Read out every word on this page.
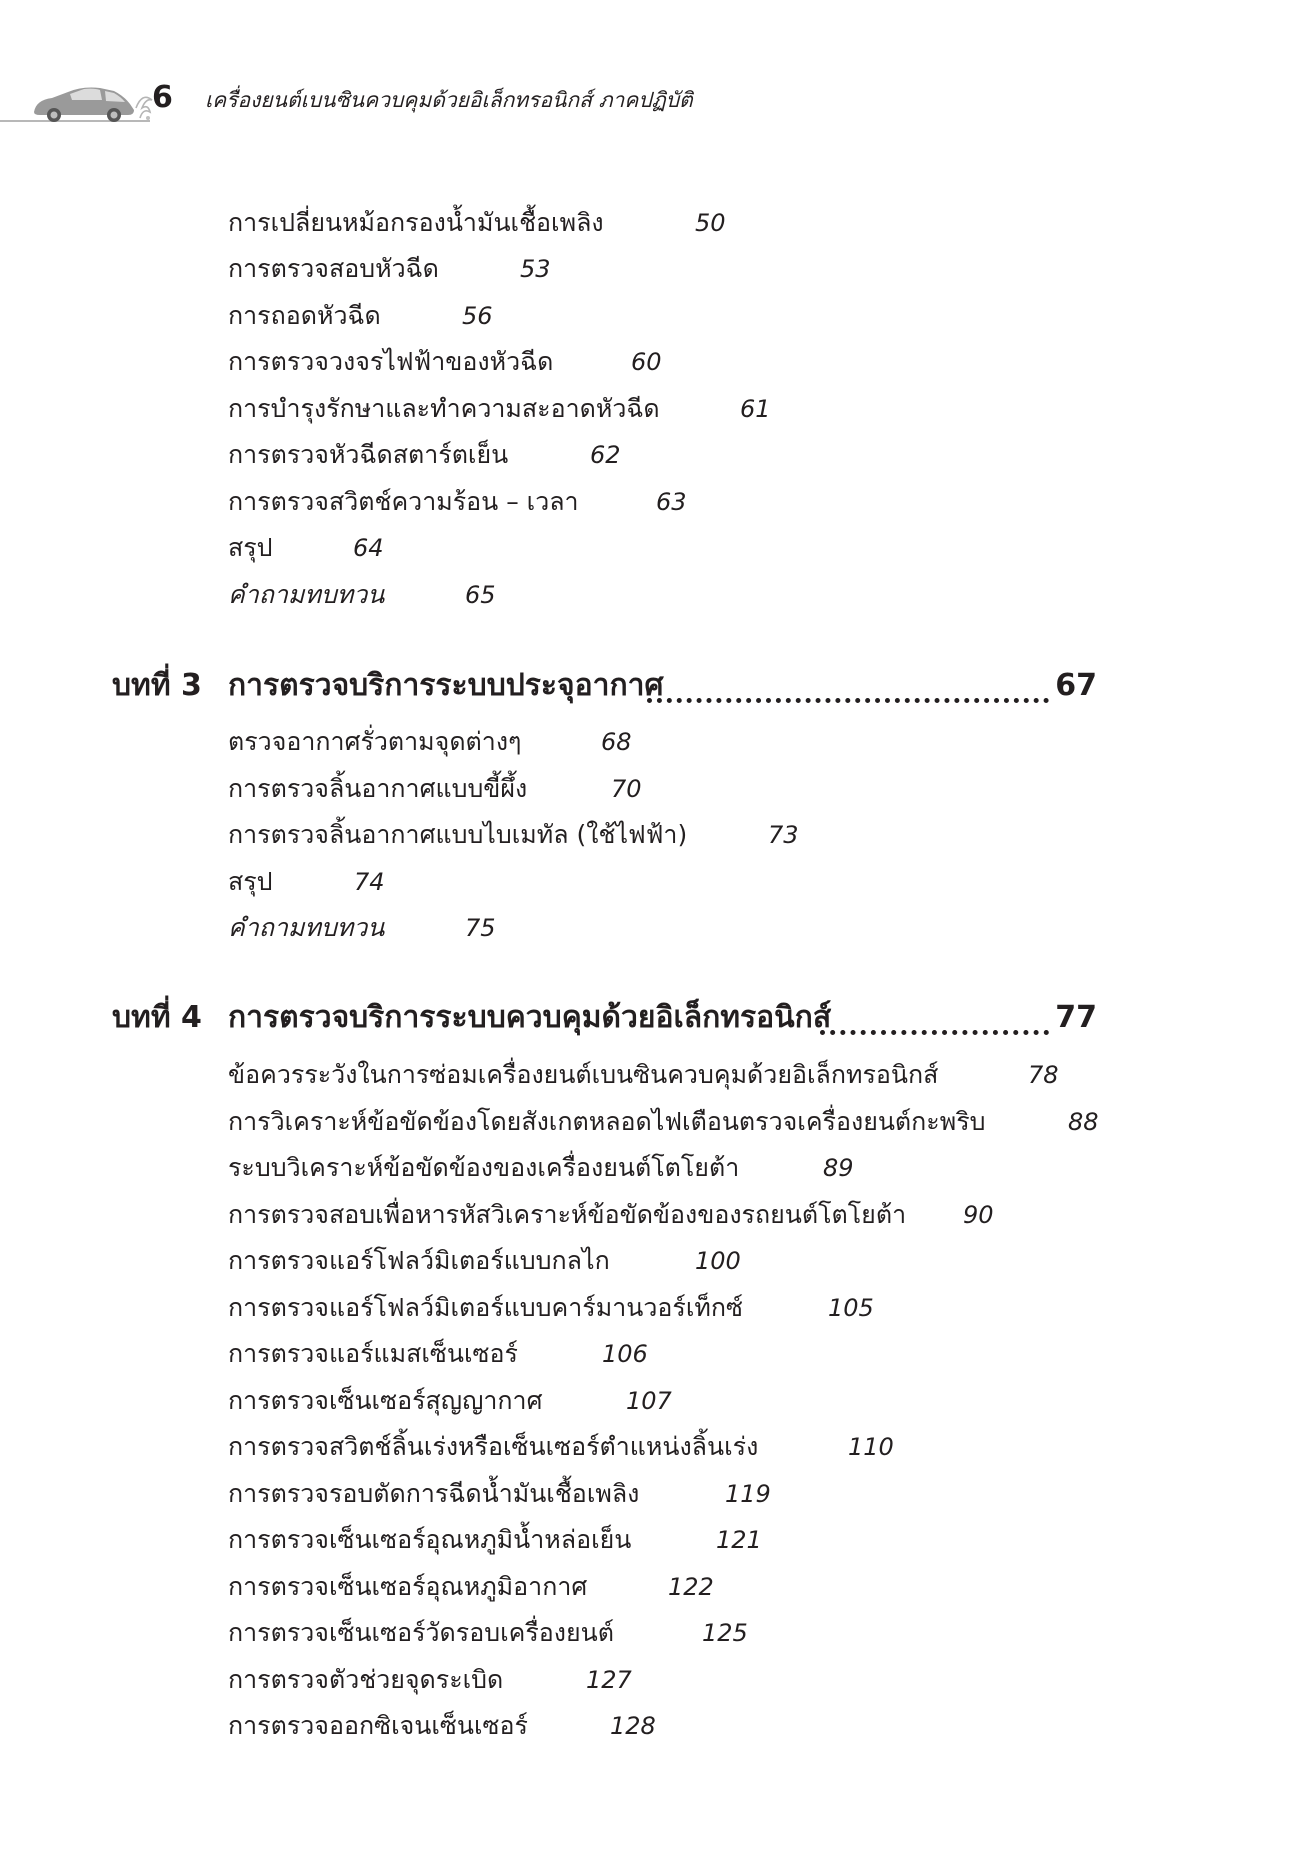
6 เครื่องยนต์เบนซินควบคุมด้วยอิเล็กทรอนิกส์ ภาคปฏิบัติ
การเปลี่ยนหม้อกรองน้ำมันเชื้อเพลิง	50
การตรวจสอบหัวฉีด	53
การถอดหัวฉีด	56
การตรวจวงจรไฟฟ้าของหัวฉีด	60
การบำรุงรักษาและทำความสะอาดหัวฉีด	61
การตรวจหัวฉีดสตาร์ตเย็น	62
การตรวจสวิตช์ความร้อน – เวลา	63
สรุป	64
คำถามทบทวน	65
บทที่ 3 การตรวจบริการระบบประจุอากาศ	67
ตรวจอากาศรั่วตามจุดต่างๆ	68
การตรวจลิ้นอากาศแบบขี้ผึ้ง	70
การตรวจลิ้นอากาศแบบไบเมทัล (ใช้ไฟฟ้า)	73
สรุป	74
คำถามทบทวน	75
บทที่ 4 การตรวจบริการระบบควบคุมด้วยอิเล็กทรอนิกส์	77
ข้อควรระวังในการซ่อมเครื่องยนต์เบนซินควบคุมด้วยอิเล็กทรอนิกส์	78
การวิเคราะห์ข้อขัดข้องโดยสังเกตหลอดไฟเตือนตรวจเครื่องยนต์กะพริบ	88
ระบบวิเคราะห์ข้อขัดข้องของเครื่องยนต์โตโยต้า	89
การตรวจสอบเพื่อหารหัสวิเคราะห์ข้อขัดข้องของรถยนต์โตโยต้า 90
การตรวจแอร์โฟลว์มิเตอร์แบบกลไก	100
การตรวจแอร์โฟลว์มิเตอร์แบบคาร์มานวอร์เท็กซ์	105
การตรวจแอร์แมสเซ็นเซอร์	106
การตรวจเซ็นเซอร์สุญญากาศ	107
การตรวจสวิตช์ลิ้นเร่งหรือเซ็นเซอร์ตำแหน่งลิ้นเร่ง	110
การตรวจรอบตัดการฉีดน้ำมันเชื้อเพลิง	119
การตรวจเซ็นเซอร์อุณหภูมิน้ำหล่อเย็น	121
การตรวจเซ็นเซอร์อุณหภูมิอากาศ	122
การตรวจเซ็นเซอร์วัดรอบเครื่องยนต์	125
การตรวจตัวช่วยจุดระเบิด	127
การตรวจออกซิเจนเซ็นเซอร์	128
